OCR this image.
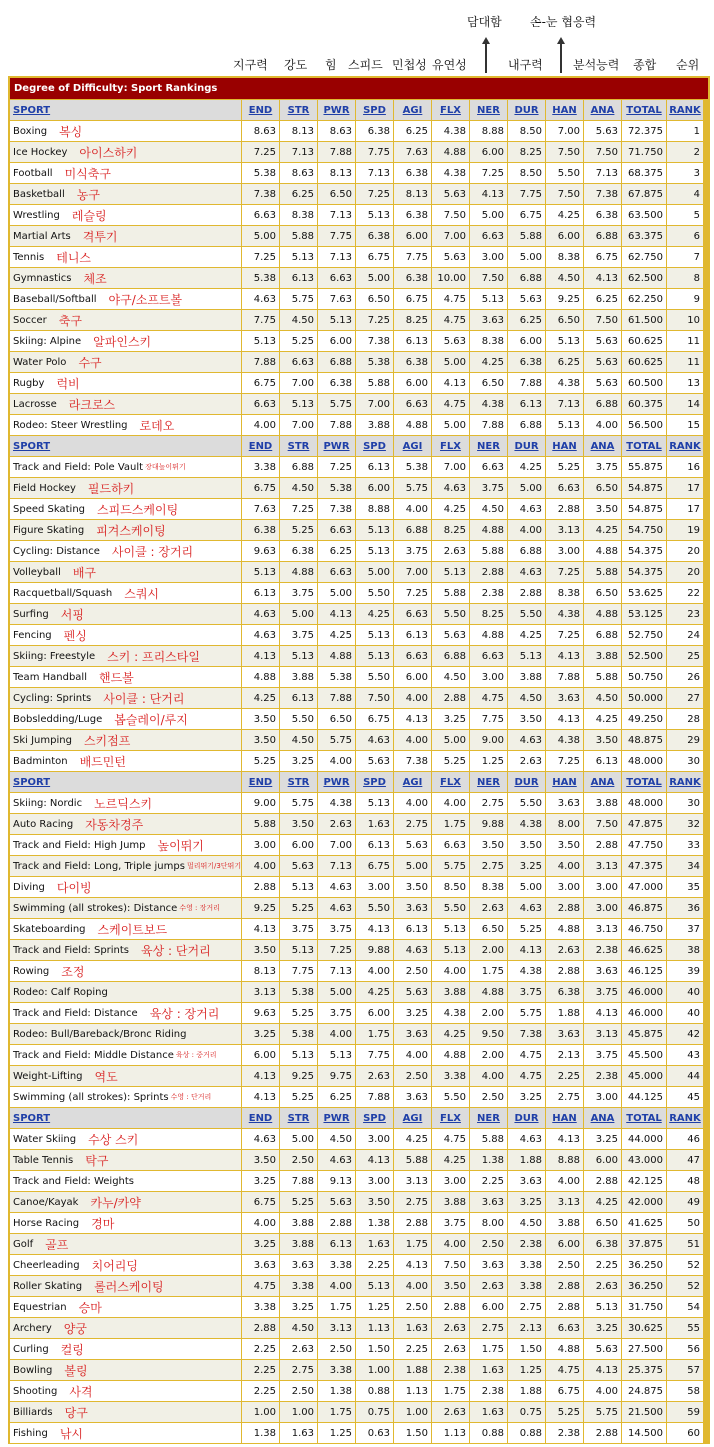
담대함 손-눈 협응력
지구력 강도 힘 스피드 민첩성 유연성	내구력	분석능력 종합 순위
Degree of Difficulty: Sport Rankings
SPORT	END	STR	PWR	SPD	AGI	FLX	NER	DUR	HAN	ANA	TOTAL RANK
Boxing 복싱	8.63	8.13	8.63	6.38	6.25	4.38	8.88	8.50	7.00	5.63	72.375	1
Ice Hockey 아이스하키	7.25	7.13	7.88	7.75	7.63	4.88	6.00	8.25	7.50	7.50	71.750	2
Football 미식축구	5.38	8.63	8.13	7.13	6.38	4.38	7.25	8.50	5.50	7.13	68.375	3
Basketball 농구	7.38	6.25	6.50	7.25	8.13	5.63	4.13	7.75	7.50	7.38	67.875	4
Wrestling 레슬링	6.63	8.38	7.13	5.13	6.38	7.50	5.00	6.75	4.25	6.38	63.500	5
Martial Arts 격투기	5.00	5.88	7.75	6.38	6.00	7.00	6.63	5.88	6.00	6.88	63.375	6
Tennis 테니스	7.25	5.13	7.13	6.75	7.75	5.63	3.00	5.00	8.38	6.75	62.750	7
Gymnastics 체조	5.38	6.13	6.63	5.00	6.38 10.00	7.50	6.88	4.50	4.13	62.500	8
Baseball/Softball 야구/소프트볼	4.63	5.75	7.63	6.50	6.75	4.75	5.13	5.63	9.25	6.25	62.250	9
Soccer 축구	7.75	4.50	5.13	7.25	8.25	4.75	3.63	6.25	6.50	7.50	61.500	10
Skiing: Alpine 알파인스키	5.13	5.25	6.00	7.38	6.13	5.63	8.38	6.00	5.13	5.63	60.625	11
Water Polo 수구	7.88	6.63	6.88	5.38	6.38	5.00	4.25	6.38	6.25	5.63	60.625	11
Rugby 럭비	6.75	7.00	6.38	5.88	6.00	4.13	6.50	7.88	4.38	5.63	60.500	13
Lacrosse 라크로스	6.63	5.13	5.75	7.00	6.63	4.75	4.38	6.13	7.13	6.88	60.375	14
Rodeo: Steer Wrestling 로데오	4.00	7.00	7.88	3.88	4.88	5.00	7.88	6.88	5.13	4.00	56.500	15
SPORT	END	STR	PWR	SPD	AGI	FLX	NER	DUR	HAN	ANA	TOTAL RANK
Track and Field: Pole Vault 장대높이뛰기	3.38	6.88	7.25	6.13	5.38	7.00	6.63	4.25	5.25	3.75	55.875	16
Field Hockey 필드하키	6.75	4.50	5.38	6.00	5.75	4.63	3.75	5.00	6.63	6.50	54.875	17
Speed Skating 스피드스케이팅	7.63	7.25	7.38	8.88	4.00	4.25	4.50	4.63	2.88	3.50	54.875	17
Figure Skating 피겨스케이팅	6.38	5.25	6.63	5.13	6.88	8.25	4.88	4.00	3.13	4.25	54.750	19
Cycling: Distance 사이클 : 장거리	9.63	6.38	6.25	5.13	3.75	2.63	5.88	6.88	3.00	4.88	54.375	20
Volleyball 배구	5.13	4.88	6.63	5.00	7.00	5.13	2.88	4.63	7.25	5.88	54.375	20
Racquetball/Squash 스쿼시	6.13	3.75	5.00	5.50	7.25	5.88	2.38	2.88	8.38	6.50	53.625	22
Surfing 서핑	4.63	5.00	4.13	4.25	6.63	5.50	8.25	5.50	4.38	4.88	53.125	23
Fencing 펜싱	4.63	3.75	4.25	5.13	6.13	5.63	4.88	4.25	7.25	6.88	52.750	24
Skiing: Freestyle 스키 : 프리스타일	4.13	5.13	4.88	5.13	6.63	6.88	6.63	5.13	4.13	3.88	52.500	25
Team Handball 핸드볼	4.88	3.88	5.38	5.50	6.00	4.50	3.00	3.88	7.88	5.88	50.750	26
Cycling: Sprints 사이클 : 단거리	4.25	6.13	7.88	7.50	4.00	2.88	4.75	4.50	3.63	4.50	50.000	27
Bobsledding/Luge 봅슬레이/루지	3.50	5.50	6.50	6.75	4.13	3.25	7.75	3.50	4.13	4.25	49.250	28
Ski Jumping 스키점프	3.50	4.50	5.75	4.63	4.00	5.00	9.00	4.63	4.38	3.50	48.875	29
Badminton 배드민턴	5.25	3.25	4.00	5.63	7.38	5.25	1.25	2.63	7.25	6.13	48.000	30
SPORT	END	STR	PWR	SPD	AGI	FLX	NER	DUR	HAN	ANA	TOTAL RANK
Skiing: Nordic 노르딕스키	9.00	5.75	4.38	5.13	4.00	4.00	2.75	5.50	3.63	3.88	48.000	30
Auto Racing 자동차경주	5.88	3.50	2.63	1.63	2.75	1.75	9.88	4.38	8.00	7.50	47.875	32
Track and Field: High Jump 높이뛰기	3.00	6.00	7.00	6.13	5.63	6.63	3.50	3.50	3.50	2.88	47.750	33
Track and Field: Long, Triple jumps 멀리뛰기/3단뛰기	4.00	5.63	7.13	6.75	5.00	5.75	2.75	3.25	4.00	3.13	47.375	34
Diving 다이빙	2.88	5.13	4.63	3.00	3.50	8.50	8.38	5.00	3.00	3.00	47.000	35
Swimming (all strokes): Distance 수영 : 장거리	9.25	5.25	4.63	5.50	3.63	5.50	2.63	4.63	2.88	3.00	46.875	36
Skateboarding 스케이트보드	4.13	3.75	3.75	4.13	6.13	5.13	6.50	5.25	4.88	3.13	46.750	37
Track and Field: Sprints 육상 : 단거리	3.50	5.13	7.25	9.88	4.63	5.13	2.00	4.13	2.63	2.38	46.625	38
Rowing 조정	8.13	7.75	7.13	4.00	2.50	4.00	1.75	4.38	2.88	3.63	46.125	39
Rodeo: Calf Roping	3.13	5.38	5.00	4.25	5.63	3.88	4.88	3.75	6.38	3.75	46.000	40
Track and Field: Distance 육상 : 장거리	9.63	5.25	3.75	6.00	3.25	4.38	2.00	5.75	1.88	4.13	46.000	40
Rodeo: Bull/Bareback/Bronc Riding	3.25	5.38	4.00	1.75	3.63	4.25	9.50	7.38	3.63	3.13	45.875	42
Track and Field: Middle Distance 육상 : 중거리	6.00	5.13	5.13	7.75	4.00	4.88	2.00	4.75	2.13	3.75	45.500	43
Weight-Lifting 역도	4.13	9.25	9.75	2.63	2.50	3.38	4.00	4.75	2.25	2.38	45.000	44
Swimming (all strokes): Sprints 수영 : 단거리	4.13	5.25	6.25	7.88	3.63	5.50	2.50	3.25	2.75	3.00	44.125	45
SPORT	END	STR	PWR	SPD	AGI	FLX	NER	DUR	HAN	ANA	TOTAL RANK
Water Skiing 수상 스키	4.63	5.00	4.50	3.00	4.25	4.75	5.88	4.63	4.13	3.25	44.000	46
Table Tennis 탁구	3.50	2.50	4.63	4.13	5.88	4.25	1.38	1.88	8.88	6.00	43.000	47
Track and Field: Weights	3.25	7.88	9.13	3.00	3.13	3.00	2.25	3.63	4.00	2.88	42.125	48
Canoe/Kayak 카누/카약	6.75	5.25	5.63	3.50	2.75	3.88	3.63	3.25	3.13	4.25	42.000	49
Horse Racing 경마	4.00	3.88	2.88	1.38	2.88	3.75	8.00	4.50	3.88	6.50	41.625	50
Golf 골프	3.25	3.88	6.13	1.63	1.75	4.00	2.50	2.38	6.00	6.38	37.875	51
Cheerleading 치어리딩	3.63	3.63	3.38	2.25	4.13	7.50	3.63	3.38	2.50	2.25	36.250	52
Roller Skating 롤러스케이팅	4.75	3.38	4.00	5.13	4.00	3.50	2.63	3.38	2.88	2.63	36.250	52
Equestrian 승마	3.38	3.25	1.75	1.25	2.50	2.88	6.00	2.75	2.88	5.13	31.750	54
Archery 양궁	2.88	4.50	3.13	1.13	1.63	2.63	2.75	2.13	6.63	3.25	30.625	55
Curling 컬링	2.25	2.63	2.50	1.50	2.25	2.63	1.75	1.50	4.88	5.63	27.500	56
Bowling 볼링	2.25	2.75	3.38	1.00	1.88	2.38	1.63	1.25	4.75	4.13	25.375	57
Shooting 사격	2.25	2.50	1.38	0.88	1.13	1.75	2.38	1.88	6.75	4.00	24.875	58
Billiards 당구	1.00	1.00	1.75	0.75	1.00	2.63	1.63	0.75	5.25	5.75	21.500	59
Fishing 낚시	1.38	1.63	1.25	0.63	1.50	1.13	0.88	0.88	2.38	2.88	14.500	60
